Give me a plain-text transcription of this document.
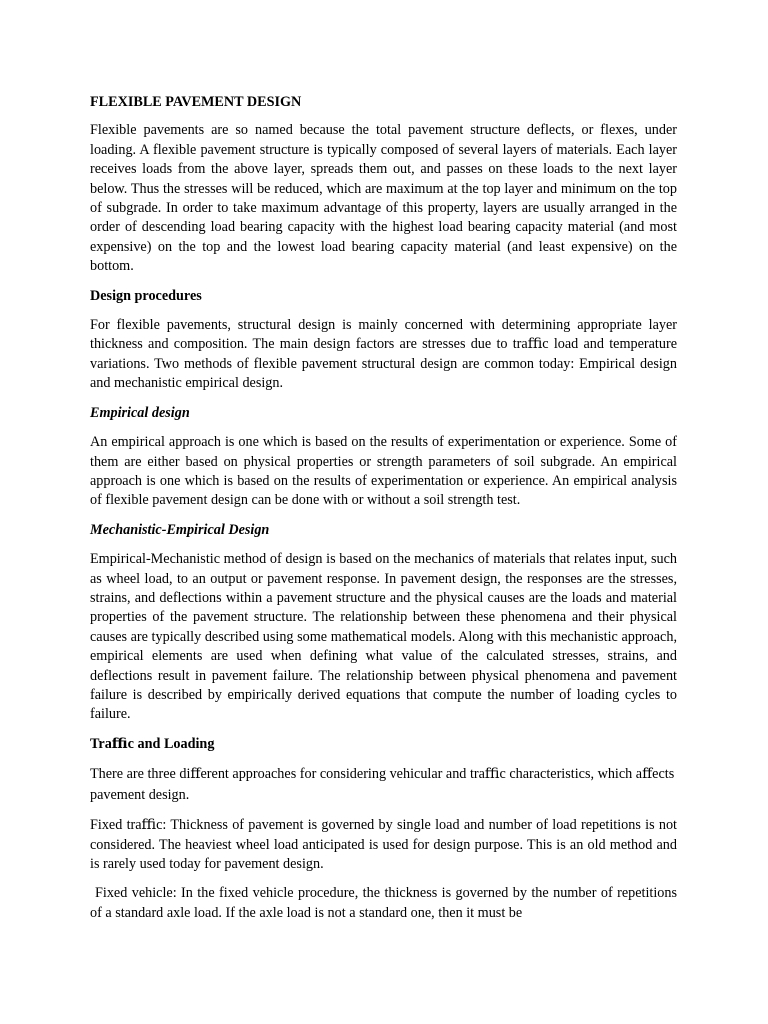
FLEXIBLE PAVEMENT DESIGN

Flexible pavements are so named because the total pavement structure deflects, or flexes, under loading. A flexible pavement structure is typically composed of several layers of materials. Each layer receives loads from the above layer, spreads them out, and passes on these loads to the next layer below. Thus the stresses will be reduced, which are maximum at the top layer and minimum on the top of subgrade. In order to take maximum advantage of this property, layers are usually arranged in the order of descending load bearing capacity with the highest load bearing capacity material (and most expensive) on the top and the lowest load bearing capacity material (and least expensive) on the bottom.

Design procedures

For flexible pavements, structural design is mainly concerned with determining appropriate layer thickness and composition. The main design factors are stresses due to traﬃc load and temperature variations. Two methods of flexible pavement structural design are common today: Empirical design and mechanistic empirical design.

Empirical design

An empirical approach is one which is based on the results of experimentation or experience. Some of them are either based on physical properties or strength parameters of soil subgrade. An empirical approach is one which is based on the results of experimentation or experience. An empirical analysis of flexible pavement design can be done with or without a soil strength test.

Mechanistic-Empirical Design

Empirical-Mechanistic method of design is based on the mechanics of materials that relates input, such as wheel load, to an output or pavement response. In pavement design, the responses are the stresses, strains, and deflections within a pavement structure and the physical causes are the loads and material properties of the pavement structure. The relationship between these phenomena and their physical causes are typically described using some mathematical models. Along with this mechanistic approach, empirical elements are used when defining what value of the calculated stresses, strains, and deflections result in pavement failure. The relationship between physical phenomena and pavement failure is described by empirically derived equations that compute the number of loading cycles to failure.

Traﬃc and Loading

There are three diﬀerent approaches for considering vehicular and traﬃc characteristics, which aﬀects pavement design.

Fixed traﬃc: Thickness of pavement is governed by single load and number of load repetitions is not considered. The heaviest wheel load anticipated is used for design purpose. This is an old method and is rarely used today for pavement design.

Fixed vehicle: In the fixed vehicle procedure, the thickness is governed by the number of repetitions of a standard axle load. If the axle load is not a standard one, then it must be
